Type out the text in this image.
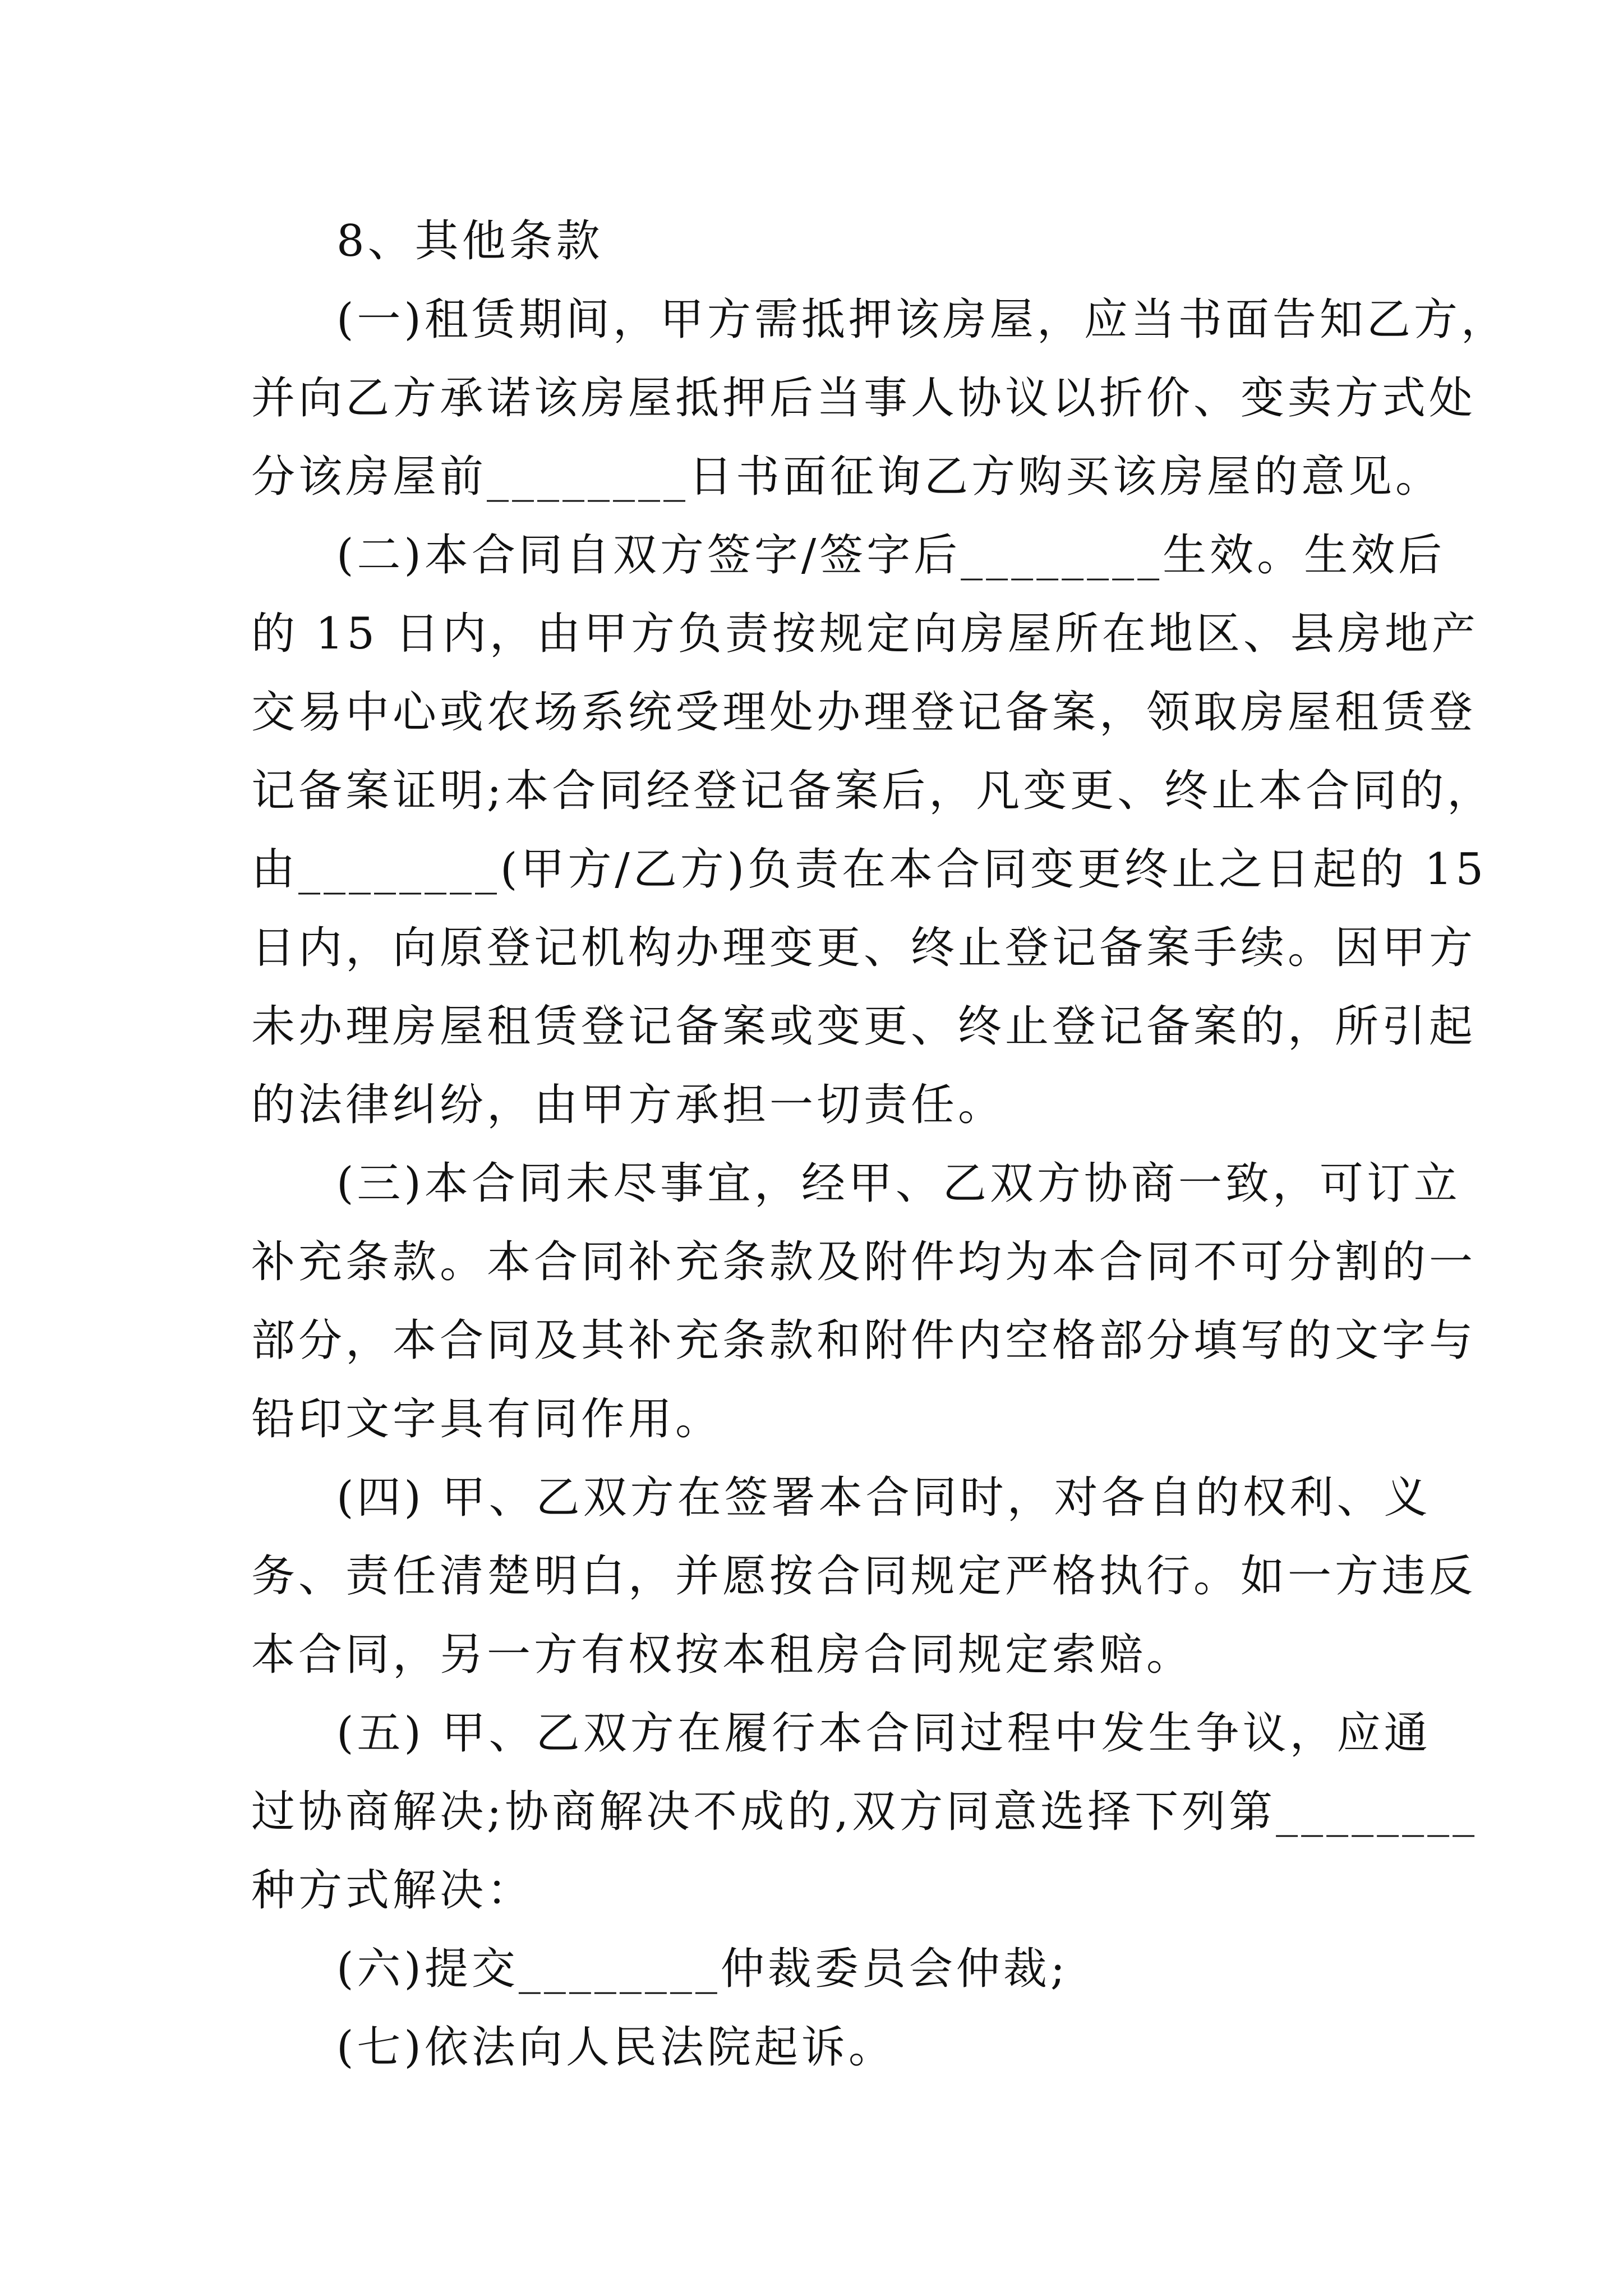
8、其他条款
(一)租赁期间，甲方需抵押该房屋，应当书面告知乙方，
并向乙方承诺该房屋抵押后当事人协议以折价、变卖方式处
分该房屋前________日书面征询乙方购买该房屋的意见。
(二)本合同自双方签字/签字后________生效。生效后
的 15 日内，由甲方负责按规定向房屋所在地区、县房地产
交易中心或农场系统受理处办理登记备案，领取房屋租赁登
记备案证明;本合同经登记备案后，凡变更、终止本合同的，
由________(甲方/乙方)负责在本合同变更终止之日起的 15
日内，向原登记机构办理变更、终止登记备案手续。因甲方
未办理房屋租赁登记备案或变更、终止登记备案的，所引起
的法律纠纷，由甲方承担一切责任。
(三)本合同未尽事宜，经甲、乙双方协商一致，可订立
补充条款。本合同补充条款及附件均为本合同不可分割的一
部分，本合同及其补充条款和附件内空格部分填写的文字与
铅印文字具有同作用。
(四) 甲、乙双方在签署本合同时，对各自的权利、义
务、责任清楚明白，并愿按合同规定严格执行。如一方违反
本合同，另一方有权按本租房合同规定索赔。
(五) 甲、乙双方在履行本合同过程中发生争议，应通
过协商解决;协商解决不成的,双方同意选择下列第________
种方式解决：
(六)提交________仲裁委员会仲裁;
(七)依法向人民法院起诉。
